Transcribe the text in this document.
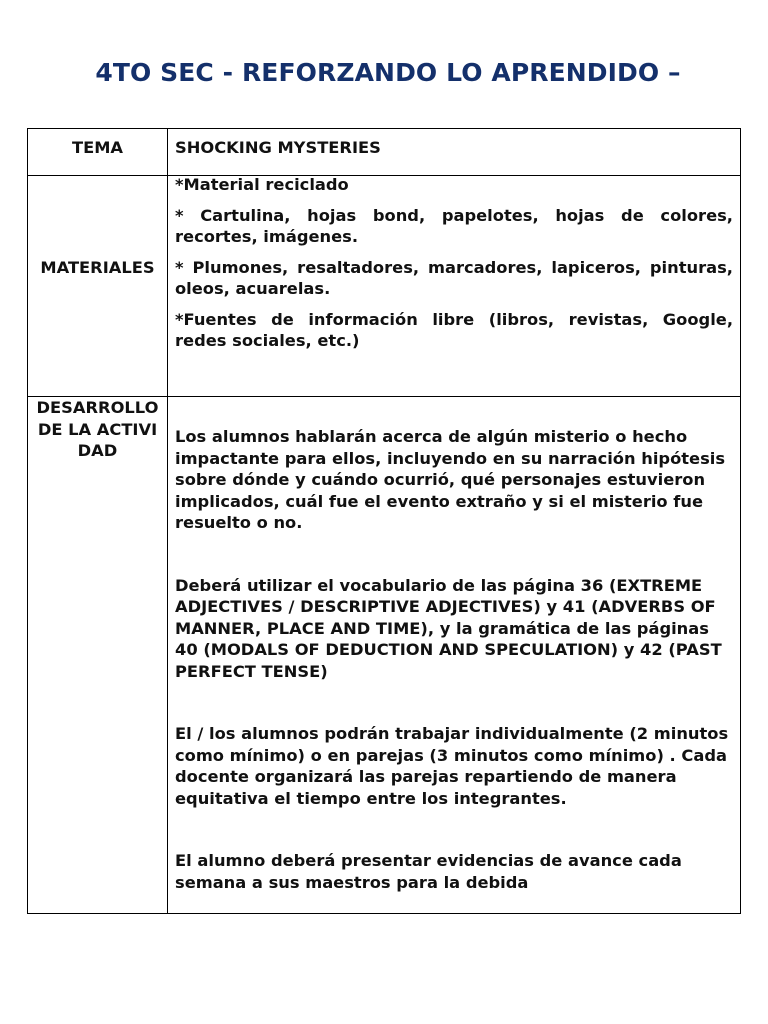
4TO SEC - REFORZANDO LO APRENDIDO –
TEMA	SHOCKING MYSTERIES

MATERIALES	*Material reciclado
* Cartulina, hojas bond, papelotes, hojas de colores, recortes, imágenes.
* Plumones, resaltadores, marcadores, lapiceros, pinturas, oleos, acuarelas.
*Fuentes de información libre (libros, revistas, Google, redes sociales, etc.)

DESARROLLO DE LA ACTIVIDAD	Los alumnos hablarán acerca de algún misterio o hecho impactante para ellos, incluyendo en su narración hipótesis sobre dónde y cuándo ocurrió, qué personajes estuvieron implicados, cuál fue el evento extraño y si el misterio fue resuelto o no.
Deberá utilizar el vocabulario de las página 36 (EXTREME ADJECTIVES / DESCRIPTIVE ADJECTIVES) y 41 (ADVERBS OF MANNER, PLACE AND TIME), y la gramática de las páginas 40 (MODALS OF DEDUCTION AND SPECULATION) y 42 (PAST PERFECT TENSE)
El / los alumnos podrán trabajar individualmente (2 minutos como mínimo) o en parejas (3 minutos como mínimo) . Cada docente organizará las parejas repartiendo de manera equitativa el tiempo entre los integrantes.
El alumno deberá presentar evidencias de avance cada semana a sus maestros para la debida
